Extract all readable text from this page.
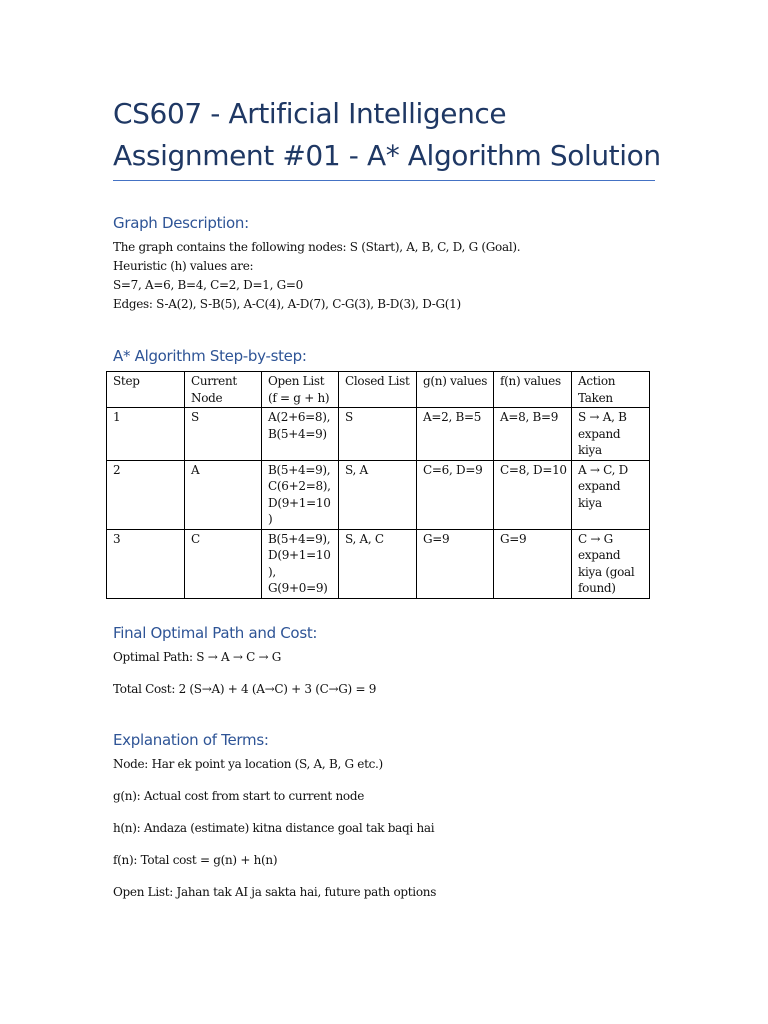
CS607 - Artificial Intelligence
Assignment #01 - A* Algorithm Solution
Graph Description:
The graph contains the following nodes: S (Start), A, B, C, D, G (Goal).
Heuristic (h) values are:
S=7, A=6, B=4, C=2, D=1, G=0
Edges: S-A(2), S-B(5), A-C(4), A-D(7), C-G(3), B-D(3), D-G(1)
A* Algorithm Step-by-step:
Step	Current Node	Open List (f = g + h)	Closed List	g(n) values	f(n) values	Action Taken
1	S	A(2+6=8), B(5+4=9)	S	A=2, B=5	A=8, B=9	S → A, B expand kiya
2	A	B(5+4=9), C(6+2=8), D(9+1=10)	S, A	C=6, D=9	C=8, D=10	A → C, D expand kiya
3	C	B(5+4=9), D(9+1=10), G(9+0=9)	S, A, C	G=9	G=9	C → G expand kiya (goal found)
Final Optimal Path and Cost:
Optimal Path: S → A → C → G
Total Cost: 2 (S→A) + 4 (A→C) + 3 (C→G) = 9
Explanation of Terms:
Node: Har ek point ya location (S, A, B, G etc.)
g(n): Actual cost from start to current node
h(n): Andaza (estimate) kitna distance goal tak baqi hai
f(n): Total cost = g(n) + h(n)
Open List: Jahan tak AI ja sakta hai, future path options
